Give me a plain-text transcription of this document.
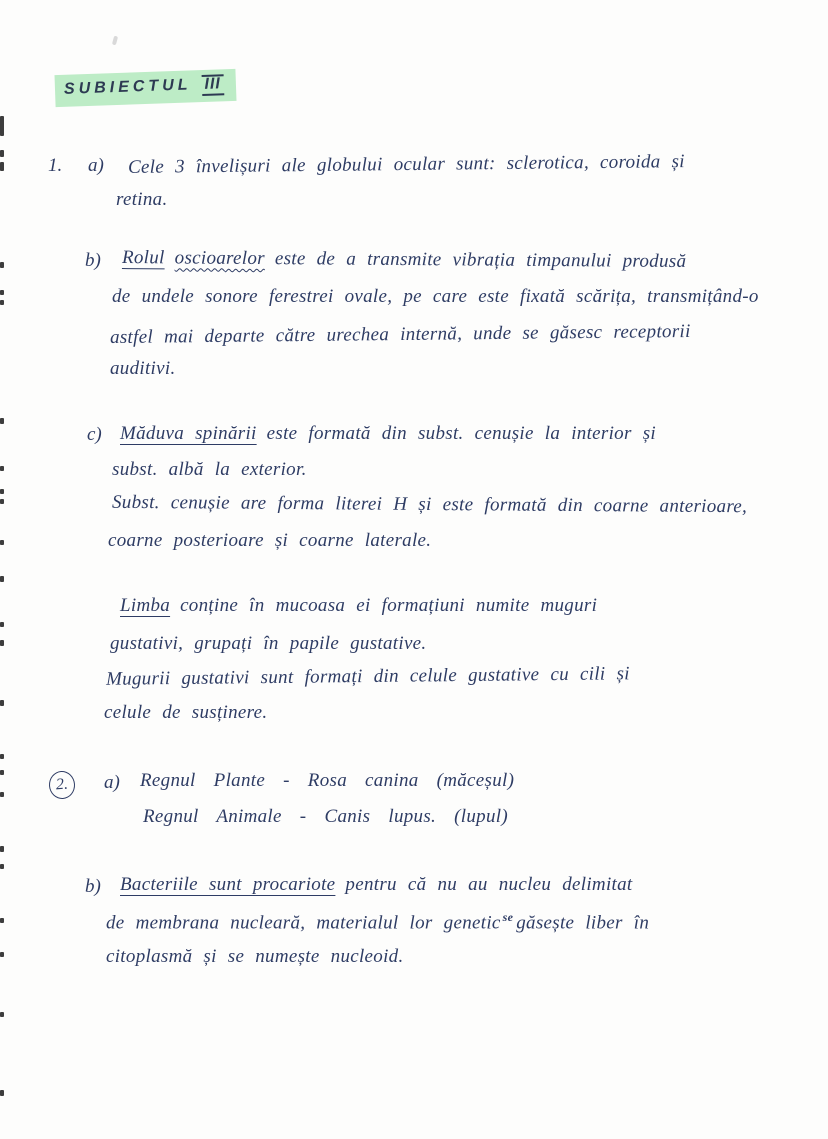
SUBIECTUL III
1. a) Cele 3 învelișuri ale globului ocular sunt: sclerotica, coroida și
retina.
b) Rolul oscioarelor este de a transmite vibrația timpanului produsă
de undele sonore ferestrei ovale, pe care este fixată scărița, transmițând-o
astfel mai departe către urechea internă, unde se găsesc receptorii
auditivi.
c) Măduva spinării este formată din subst. cenușie la interior și
subst. albă la exterior.
Subst. cenușie are forma literei H și este formată din coarne anterioare,
coarne posterioare și coarne laterale.
Limba conține în mucoasa ei formațiuni numite muguri
gustativi, grupați în papile gustative.
Mugurii gustativi sunt formați din celule gustative cu cili și
celule de susținere.
2.	a) Regnul Plante - Rosa canina (măceșul)
Regnul Animale - Canis lupus. (lupul)
b) Bacteriile sunt procariote pentru că nu au nucleu delimitat
de membrana nucleară, materialul lor genetic $^{se}$ găsește liber în
citoplasmă și se numește nucleoid.
